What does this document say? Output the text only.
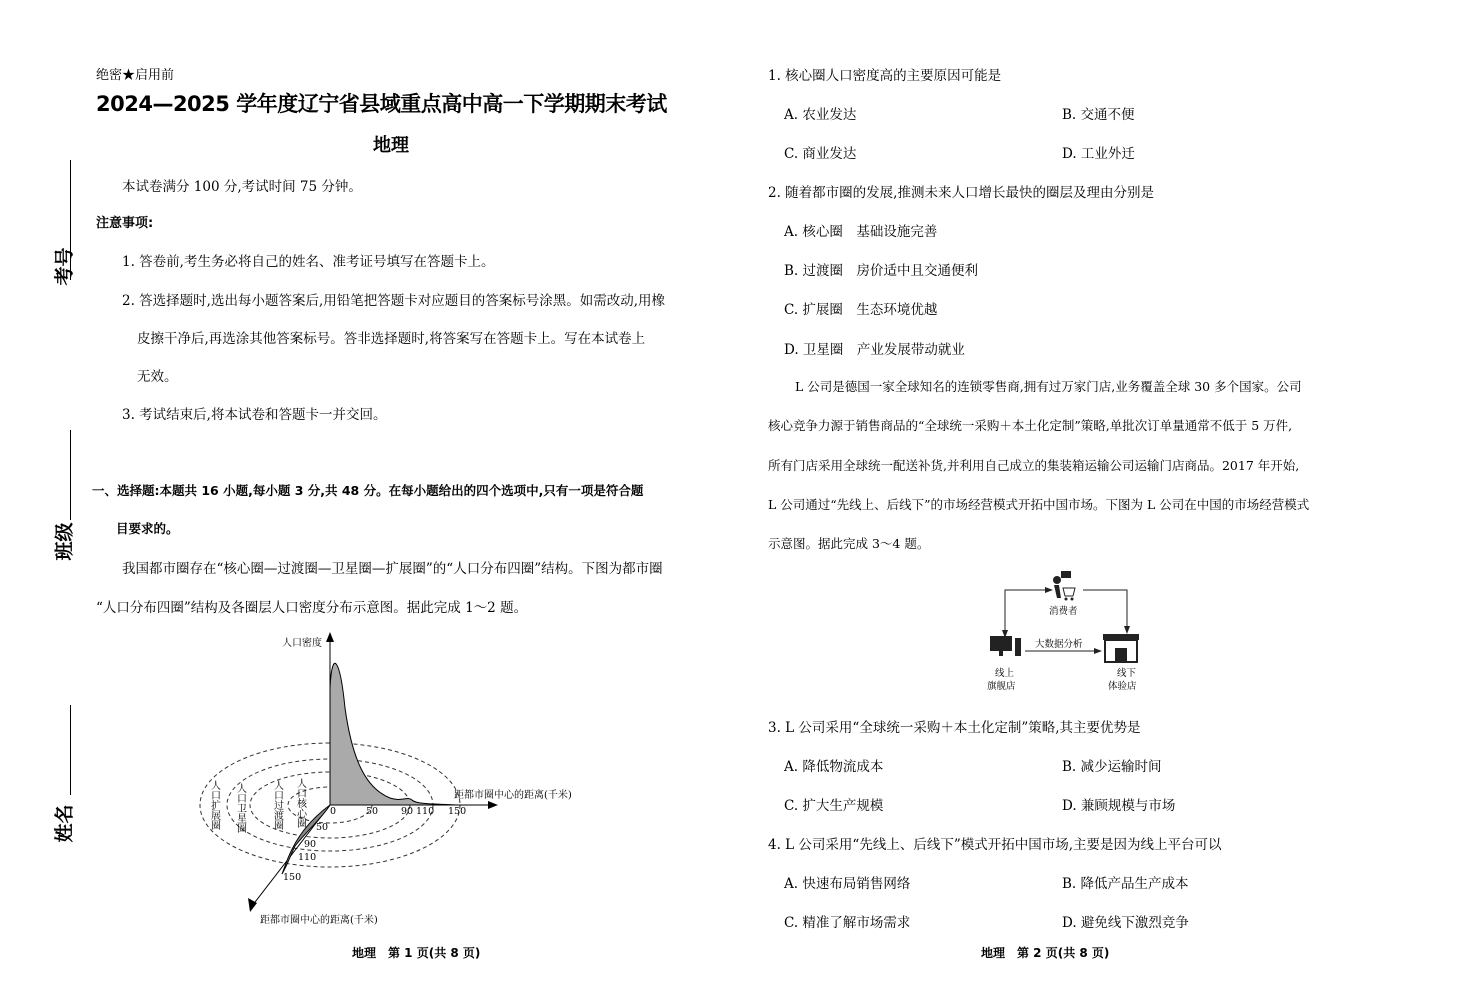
考号
班级
姓名
绝密★启用前
2024—2025 学年度辽宁省县域重点高中高一下学期期末考试
地理
本试卷满分 100 分,考试时间 75 分钟。
注意事项:
1. 答卷前,考生务必将自己的姓名、准考证号填写在答题卡上。
2. 答选择题时,选出每小题答案后,用铅笔把答题卡对应题目的答案标号涂黑。如需改动,用橡
皮擦干净后,再选涂其他答案标号。答非选择题时,将答案写在答题卡上。写在本试卷上
无效。
3. 考试结束后,将本试卷和答题卡一并交回。
一、选择题:本题共 16 小题,每小题 3 分,共 48 分。在每小题给出的四个选项中,只有一项是符合题
目要求的。
我国都市圈存在“核心圈—过渡圈—卫星圈—扩展圈”的“人口分布四圈”结构。下图为都市圈
“人口分布四圈”结构及各圈层人口密度分布示意图。据此完成 1～2 题。
人口密度
距都市圈中心的距离(千米)
距都市圈中心的距离(千米)
0	50 90 110 150
50
90
110
150
人口扩展圈 人口卫星圈	人口过渡圈 人口核心圈
地理　第 1 页(共 8 页)
1. 核心圈人口密度高的主要原因可能是
A. 农业发达	B. 交通不便
C. 商业发达	D. 工业外迁
2. 随着都市圈的发展,推测未来人口增长最快的圈层及理由分别是
A. 核心圈　基础设施完善
B. 过渡圈　房价适中且交通便利
C. 扩展圈　生态环境优越
D. 卫星圈　产业发展带动就业
L 公司是德国一家全球知名的连锁零售商,拥有过万家门店,业务覆盖全球 30 多个国家。公司
核心竞争力源于销售商品的“全球统一采购＋本土化定制”策略,单批次订单量通常不低于 5 万件,
所有门店采用全球统一配送补货,并利用自己成立的集装箱运输公司运输门店商品。2017 年开始,
L 公司通过“先线上、后线下”的市场经营模式开拓中国市场。下图为 L 公司在中国的市场经营模式
示意图。据此完成 3～4 题。
消费者
线上
旗舰店
大数据分析
线下
体验店
3. L 公司采用“全球统一采购＋本土化定制”策略,其主要优势是
A. 降低物流成本	B. 减少运输时间
C. 扩大生产规模	D. 兼顾规模与市场
4. L 公司采用“先线上、后线下”模式开拓中国市场,主要是因为线上平台可以
A. 快速布局销售网络	B. 降低产品生产成本
C. 精准了解市场需求	D. 避免线下激烈竞争
地理　第 2 页(共 8 页)
